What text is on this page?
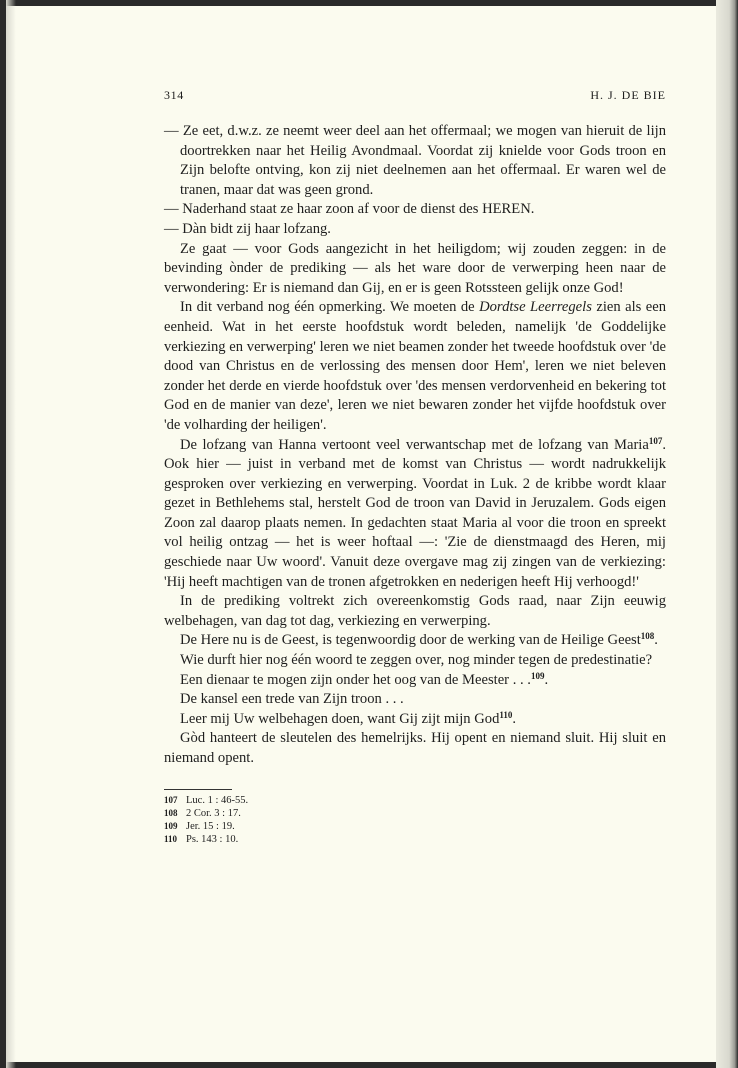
314	H. J. DE BIE

— Ze eet, d.w.z. ze neemt weer deel aan het offermaal; we mogen van hieruit de lijn doortrekken naar het Heilig Avondmaal. Voordat zij knielde voor Gods troon en Zijn belofte ontving, kon zij niet deelnemen aan het offermaal. Er waren wel de tranen, maar dat was geen grond.

— Naderhand staat ze haar zoon af voor de dienst des HEREN.

— Dàn bidt zij haar lofzang.

Ze gaat — voor Gods aangezicht in het heiligdom; wij zouden zeggen: in de bevinding ònder de prediking — als het ware door de verwerping heen naar de verwondering: Er is niemand dan Gij, en er is geen Rotssteen gelijk onze God!

In dit verband nog één opmerking. We moeten de Dordtse Leerregels zien als een eenheid. Wat in het eerste hoofdstuk wordt beleden, namelijk 'de Goddelijke verkiezing en verwerping' leren we niet beamen zonder het tweede hoofdstuk over 'de dood van Christus en de verlossing des mensen door Hem', leren we niet beleven zonder het derde en vierde hoofdstuk over 'des mensen verdorvenheid en bekering tot God en de manier van deze', leren we niet bewaren zonder het vijfde hoofdstuk over 'de volharding der heiligen'.

De lofzang van Hanna vertoont veel verwantschap met de lofzang van Maria$^{107}$. Ook hier — juist in verband met de komst van Christus — wordt nadrukkelijk gesproken over verkiezing en verwerping. Voordat in Luk. 2 de kribbe wordt klaar gezet in Bethlehems stal, herstelt God de troon van David in Jeruzalem. Gods eigen Zoon zal daarop plaats nemen. In gedachten staat Maria al voor die troon en spreekt vol heilig ontzag — het is weer hoftaal —: 'Zie de dienstmaagd des Heren, mij geschiede naar Uw woord'. Vanuit deze overgave mag zij zingen van de verkiezing: 'Hij heeft machtigen van de tronen afgetrokken en nederigen heeft Hij verhoogd!'

In de prediking voltrekt zich overeenkomstig Gods raad, naar Zijn eeuwig welbehagen, van dag tot dag, verkiezing en verwerping.

De Here nu is de Geest, is tegenwoordig door de werking van de Heilige Geest$^{108}$.

Wie durft hier nog één woord te zeggen over, nog minder tegen de predestinatie?

Een dienaar te mogen zijn onder het oog van de Meester . . .$^{109}$.

De kansel een trede van Zijn troon . . .

Leer mij Uw welbehagen doen, want Gij zijt mijn God$^{110}$.

Gòd hanteert de sleutelen des hemelrijks. Hij opent en niemand sluit. Hij sluit en niemand opent.

107 Luc. 1 : 46-55.
108 2 Cor. 3 : 17.
109 Jer. 15 : 19.
110 Ps. 143 : 10.
